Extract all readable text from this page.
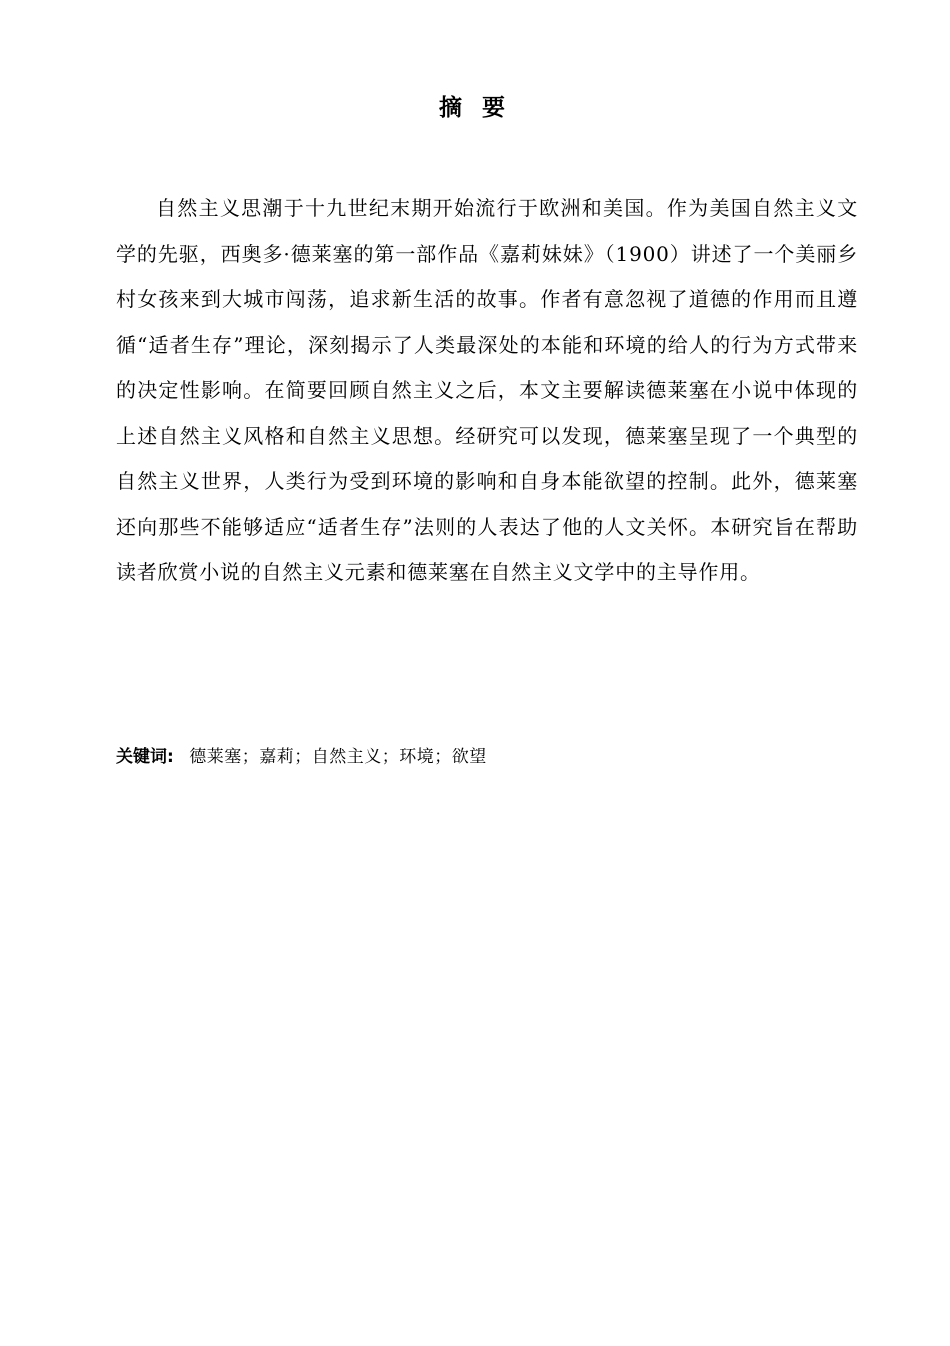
摘 要

自然主义思潮于十九世纪末期开始流行于欧洲和美国。作为美国自然主义文学的先驱，西奥多·德莱塞的第一部作品《嘉莉妹妹》（1900）讲述了一个美丽乡村女孩来到大城市闯荡，追求新生活的故事。作者有意忽视了道德的作用而且遵循“适者生存”理论，深刻揭示了人类最深处的本能和环境的给人的行为方式带来的决定性影响。在简要回顾自然主义之后，本文主要解读德莱塞在小说中体现的上述自然主义风格和自然主义思想。经研究可以发现，德莱塞呈现了一个典型的自然主义世界，人类行为受到环境的影响和自身本能欲望的控制。此外，德莱塞还向那些不能够适应“适者生存”法则的人表达了他的人文关怀。本研究旨在帮助读者欣赏小说的自然主义元素和德莱塞在自然主义文学中的主导作用。

关键词: 德莱塞；嘉莉；自然主义；环境；欲望
